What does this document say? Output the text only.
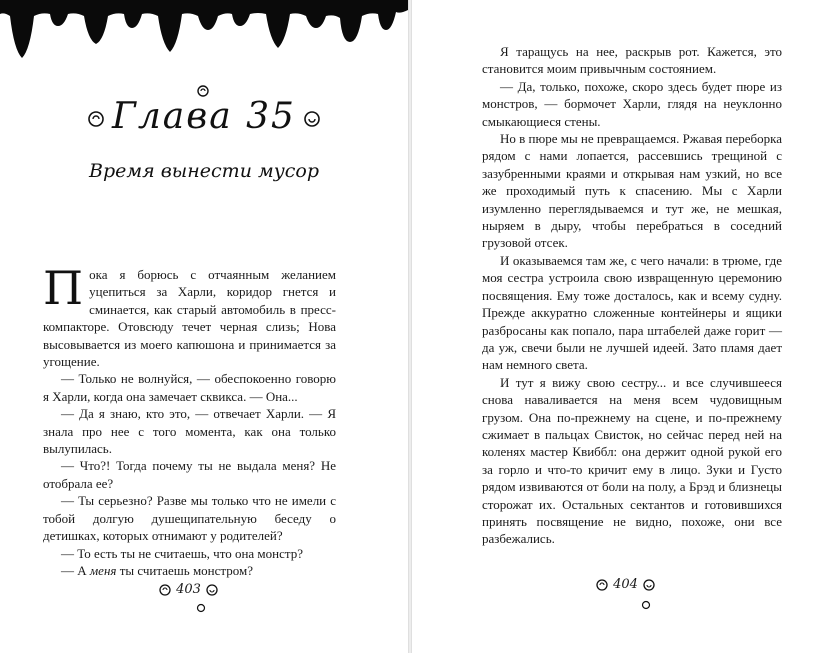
Глава 35
Время вынести мусор

Пока я борюсь с отчаянным желанием уцепиться за Харли, коридор гнется и сминается, как старый автомобиль в пресс-компакторе. Отовсюду течет черная слизь; Нова высовывается из моего капюшона и принимается за угощение.

— Только не волнуйся, — обеспокоенно говорю я Харли, когда она замечает сквикса. — Она...

— Да я знаю, кто это, — отвечает Харли. — Я знала про нее с того момента, как она только вылупилась.

— Что?! Тогда почему ты не выдала меня? Не отобрала ее?

— Ты серьезно? Разве мы только что не имели с тобой долгую душещипательную беседу о детишках, которых отнимают у родителей?

— То есть ты не считаешь, что она монстр?

— А меня ты считаешь монстром?

403

Я таращусь на нее, раскрыв рот. Кажется, это становится моим привычным состоянием.

— Да, только, похоже, скоро здесь будет пюре из монстров, — бормочет Харли, глядя на неуклонно смыкающиеся стены.

Но в пюре мы не превращаемся. Ржавая переборка рядом с нами лопается, рассевшись трещиной с зазубренными краями и открывая нам узкий, но все же проходимый путь к спасению. Мы с Харли изумленно переглядываемся и тут же, не мешкая, ныряем в дыру, чтобы перебраться в соседний грузовой отсек.

И оказываемся там же, с чего начали: в трюме, где моя сестра устроила свою извращенную церемонию посвящения. Ему тоже досталось, как и всему судну. Прежде аккуратно сложенные контейнеры и ящики разбросаны как попало, пара штабелей даже горит — да уж, свечи были не лучшей идеей. Зато пламя дает нам немного света.

И тут я вижу свою сестру... и все случившееся снова наваливается на меня всем чудовищным грузом. Она по-прежнему на сцене, и по-прежнему сжимает в пальцах Свисток, но сейчас перед ней на коленях мастер Квиббл: она держит одной рукой его за горло и что-то кричит ему в лицо. Зуки и Густо рядом извиваются от боли на полу, а Брэд и близнецы сторожат их. Остальных сектантов и готовившихся принять посвящение не видно, похоже, они все разбежались.

404
